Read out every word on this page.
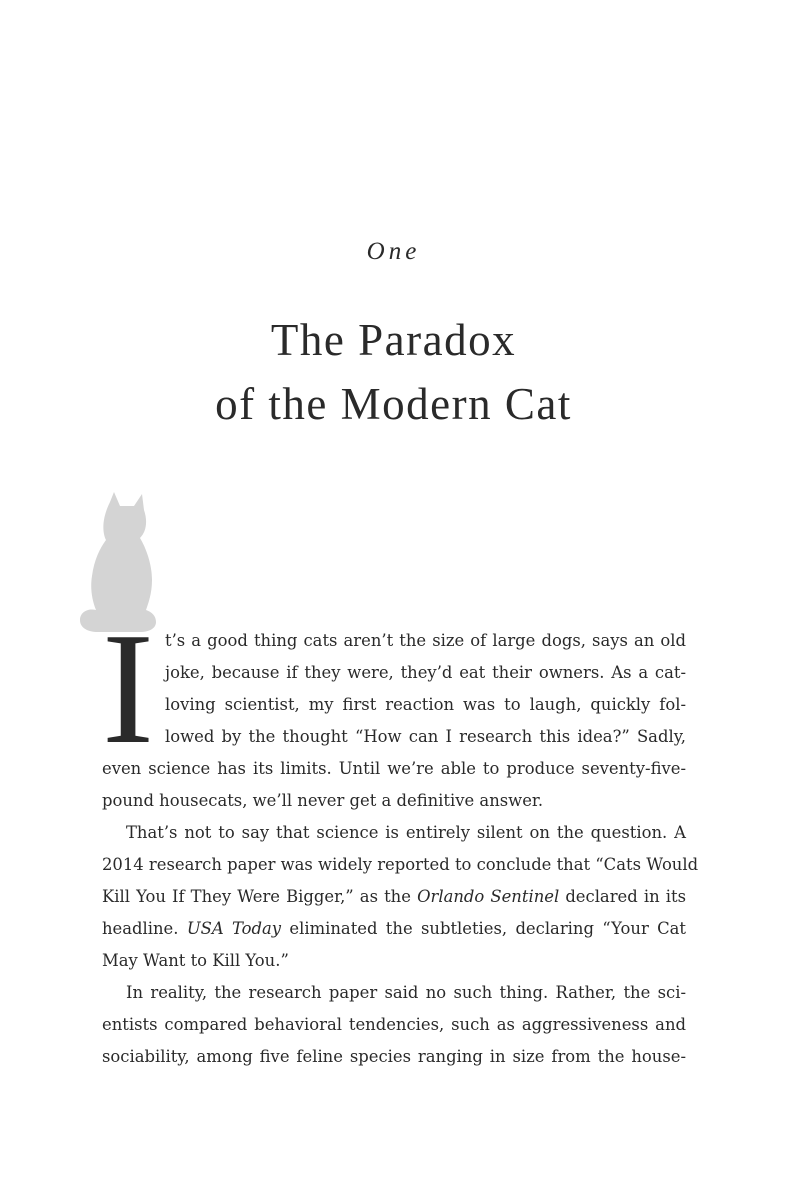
One
The Paradox
of the Modern Cat
I t’s a good thing cats aren’t the size of large dogs, says an old
joke, because if they were, they’d eat their owners. As a cat-
loving scientist, my first reaction was to laugh, quickly fol-
lowed by the thought “How can I research this idea?” Sadly,
even science has its limits. Until we’re able to produce seventy-five-
pound housecats, we’ll never get a definitive answer.
That’s not to say that science is entirely silent on the question. A
2014 research paper was widely reported to conclude that “Cats Would
Kill You If They Were Bigger,” as the Orlando Sentinel declared in its
headline. USA Today eliminated the subtleties, declaring “Your Cat
May Want to Kill You.”
In reality, the research paper said no such thing. Rather, the sci-
entists compared behavioral tendencies, such as aggressiveness and
sociability, among five feline species ranging in size from the house-
